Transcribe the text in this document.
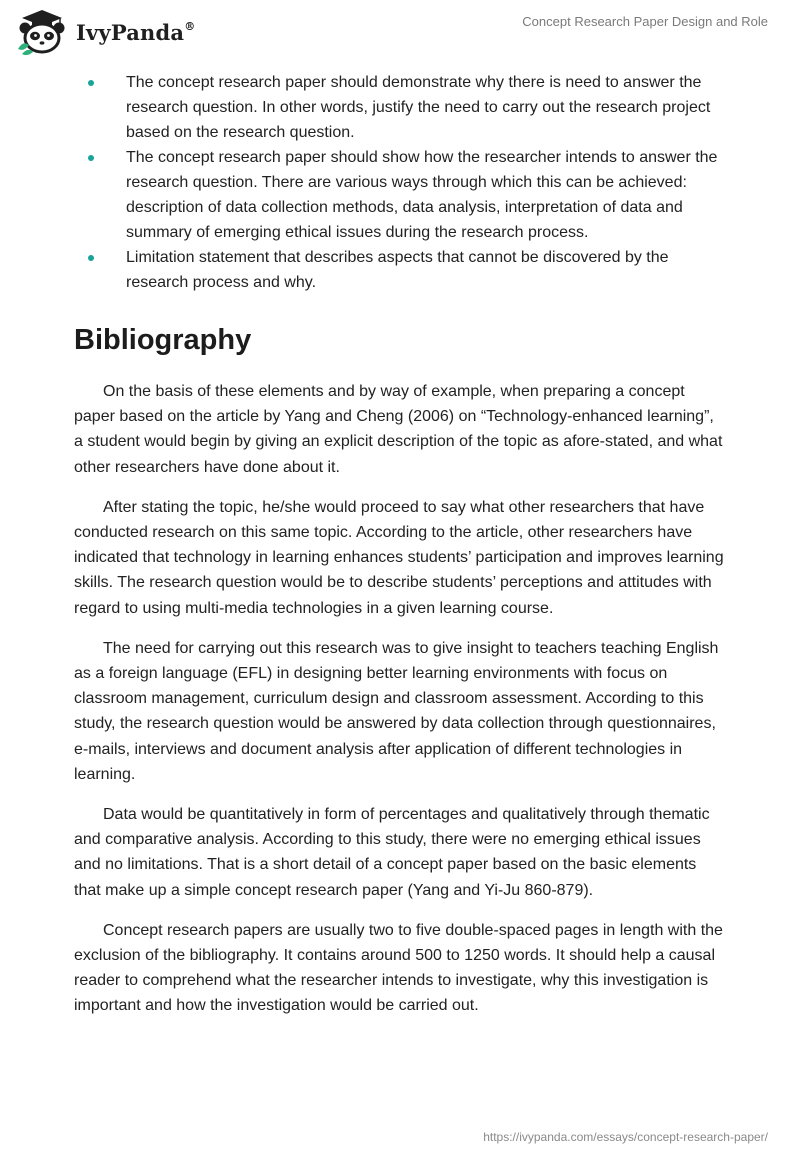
IvyPanda®	Concept Research Paper Design and Role
The concept research paper should demonstrate why there is need to answer the research question. In other words, justify the need to carry out the research project based on the research question.
The concept research paper should show how the researcher intends to answer the research question. There are various ways through which this can be achieved: description of data collection methods, data analysis, interpretation of data and summary of emerging ethical issues during the research process.
Limitation statement that describes aspects that cannot be discovered by the research process and why.
Bibliography

On the basis of these elements and by way of example, when preparing a concept paper based on the article by Yang and Cheng (2006) on “Technology-enhanced learning”, a student would begin by giving an explicit description of the topic as afore-stated, and what other researchers have done about it.

After stating the topic, he/she would proceed to say what other researchers that have conducted research on this same topic. According to the article, other researchers have indicated that technology in learning enhances students’ participation and improves learning skills. The research question would be to describe students’ perceptions and attitudes with regard to using multi-media technologies in a given learning course.

The need for carrying out this research was to give insight to teachers teaching English as a foreign language (EFL) in designing better learning environments with focus on classroom management, curriculum design and classroom assessment. According to this study, the research question would be answered by data collection through questionnaires, e-mails, interviews and document analysis after application of different technologies in learning.

Data would be quantitatively in form of percentages and qualitatively through thematic and comparative analysis. According to this study, there were no emerging ethical issues and no limitations. That is a short detail of a concept paper based on the basic elements that make up a simple concept research paper (Yang and Yi-Ju 860-879).

Concept research papers are usually two to five double-spaced pages in length with the exclusion of the bibliography. It contains around 500 to 1250 words. It should help a causal reader to comprehend what the researcher intends to investigate, why this investigation is important and how the investigation would be carried out.

https://ivypanda.com/essays/concept-research-paper/
